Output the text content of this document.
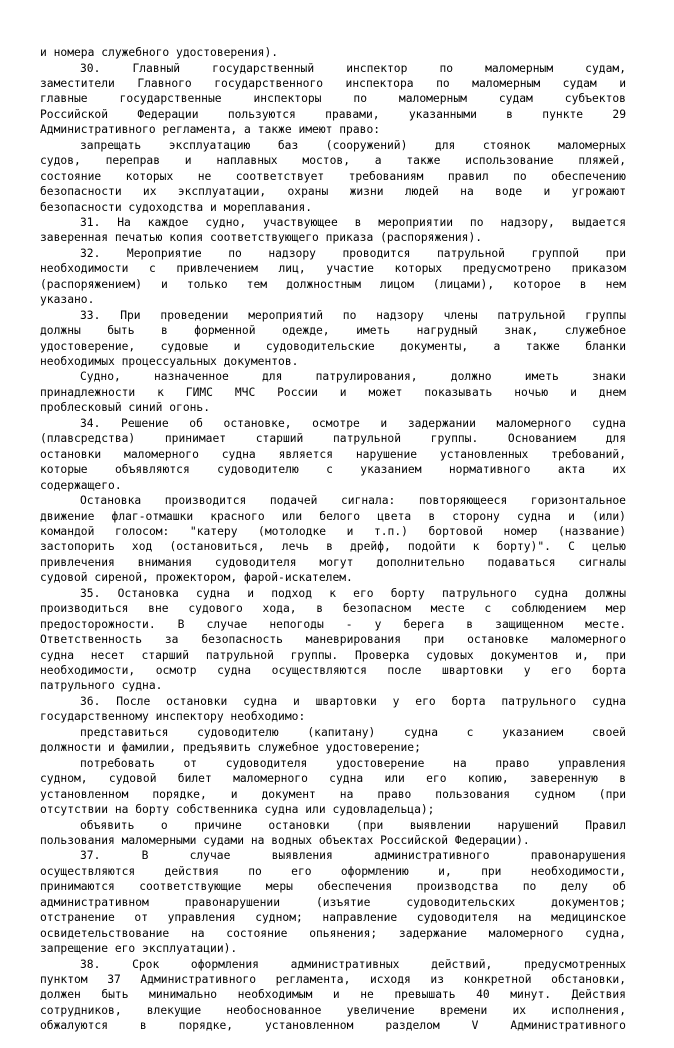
и номера служебного удостоверения).
30. Главный государственный инспектор по маломерным судам,
заместители Главного государственного инспектора по маломерным судам и
главные государственные инспекторы по маломерным судам субъектов
Российской Федерации пользуются правами, указанными в пункте 29
Административного регламента, а также имеют право:
запрещать эксплуатацию баз (сооружений) для стоянок маломерных
судов, переправ и наплавных мостов, а также использование пляжей,
состояние которых не соответствует требованиям правил по обеспечению
безопасности их эксплуатации, охраны жизни людей на воде и угрожают
безопасности судоходства и мореплавания.
31. На каждое судно, участвующее в мероприятии по надзору, выдается
заверенная печатью копия соответствующего приказа (распоряжения).
32. Мероприятие по надзору проводится патрульной группой при
необходимости с привлечением лиц, участие которых предусмотрено приказом
(распоряжением) и только тем должностным лицом (лицами), которое в нем
указано.
33. При проведении мероприятий по надзору члены патрульной группы
должны быть в форменной одежде, иметь нагрудный знак, служебное
удостоверение, судовые и судоводительские документы, а также бланки
необходимых процессуальных документов.
Судно, назначенное для патрулирования, должно иметь знаки
принадлежности к ГИМС МЧС России и может показывать ночью и днем
проблесковый синий огонь.
34. Решение об остановке, осмотре и задержании маломерного судна
(плавсредства) принимает старший патрульной группы. Основанием для
остановки маломерного судна является нарушение установленных требований,
которые объявляются судоводителю с указанием нормативного акта их
содержащего.
Остановка производится подачей сигнала: повторяющееся горизонтальное
движение флаг-отмашки красного или белого цвета в сторону судна и (или)
командой голосом: "катеру (мотолодке и т.п.) бортовой номер (название)
застопорить ход (остановиться, лечь в дрейф, подойти к борту)". С целью
привлечения внимания судоводителя могут дополнительно подаваться сигналы
судовой сиреной, прожектором, фарой-искателем.
35. Остановка судна и подход к его борту патрульного судна должны
производиться вне судового хода, в безопасном месте с соблюдением мер
предосторожности. В случае непогоды - у берега в защищенном месте.
Ответственность за безопасность маневрирования при остановке маломерного
судна несет старший патрульной группы. Проверка судовых документов и, при
необходимости, осмотр судна осуществляются после швартовки у его борта
патрульного судна.
36. После остановки судна и швартовки у его борта патрульного судна
государственному инспектору необходимо:
представиться судоводителю (капитану) судна с указанием своей
должности и фамилии, предъявить служебное удостоверение;
потребовать от судоводителя удостоверение на право управления
судном, судовой билет маломерного судна или его копию, заверенную в
установленном порядке, и документ на право пользования судном (при
отсутствии на борту собственника судна или судовладельца);
объявить о причине остановки (при выявлении нарушений Правил
пользования маломерными судами на водных объектах Российской Федерации).
37. В случае выявления административного правонарушения
осуществляются действия по его оформлению и, при необходимости,
принимаются соответствующие меры обеспечения производства по делу об
административном правонарушении (изъятие судоводительских документов;
отстранение от управления судном; направление судоводителя на медицинское
освидетельствование на состояние опьянения; задержание маломерного судна,
запрещение его эксплуатации).
38. Срок оформления административных действий, предусмотренных
пунктом 37 Административного регламента, исходя из конкретной обстановки,
должен быть минимально необходимым и не превышать 40 минут. Действия
сотрудников, влекущие необоснованное увеличение времени их исполнения,
обжалуются в порядке, установленном разделом V Административного
